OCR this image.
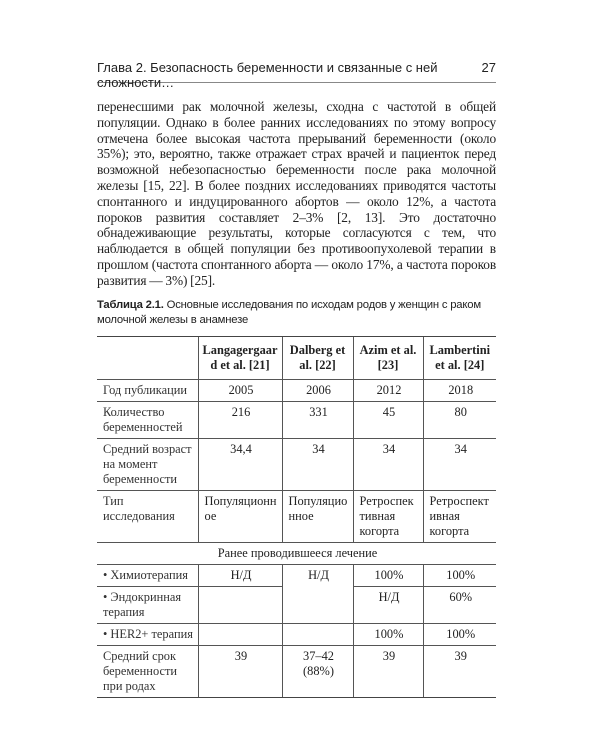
Глава 2. Безопасность беременности и связанные с ней сложности…
27

перенесшими рак молочной железы, сходна с частотой в общей популяции. Однако в более ранних исследованиях по этому вопросу отмечена более высокая частота прерываний беременности (около 35%); это, вероятно, также отражает страх врачей и пациенток перед возможной небезопасностью беременности после рака молочной железы [15, 22]. В более поздних исследованиях приводятся частоты спонтанного и индуцированного абортов — около 12%, а частота пороков развития составляет 2–3% [2, 13]. Это достаточно обнадеживающие результаты, которые согласуются с тем, что наблюдается в общей популяции без противоопухолевой терапии в прошлом (частота спонтанного аборта — около 17%, а частота пороков развития — 3%) [25].

Таблица 2.1. Основные исследования по исходам родов у женщин с раком молочной железы в анамнезе
	Langagergaard et al. [21]	Dalberg et al. [22]	Azim et al. [23]	Lambertini et al. [24]
Год публикации	2005	2006	2012	2018
Количество беременностей	216	331	45	80
Средний возраст на момент беременности	34,4	34	34	34
Тип исследования	Популяционное	Популяционное	Ретроспективная когорта	Ретроспективная когорта
Ранее проводившееся лечение				
• Химиотерапия	Н/Д	Н/Д	100%	100%
• Эндокринная терапия			Н/Д	60%
• HER2+ терапия			100%	100%
Средний срок беременности при родах	39	37–42 (88%)	39	39
